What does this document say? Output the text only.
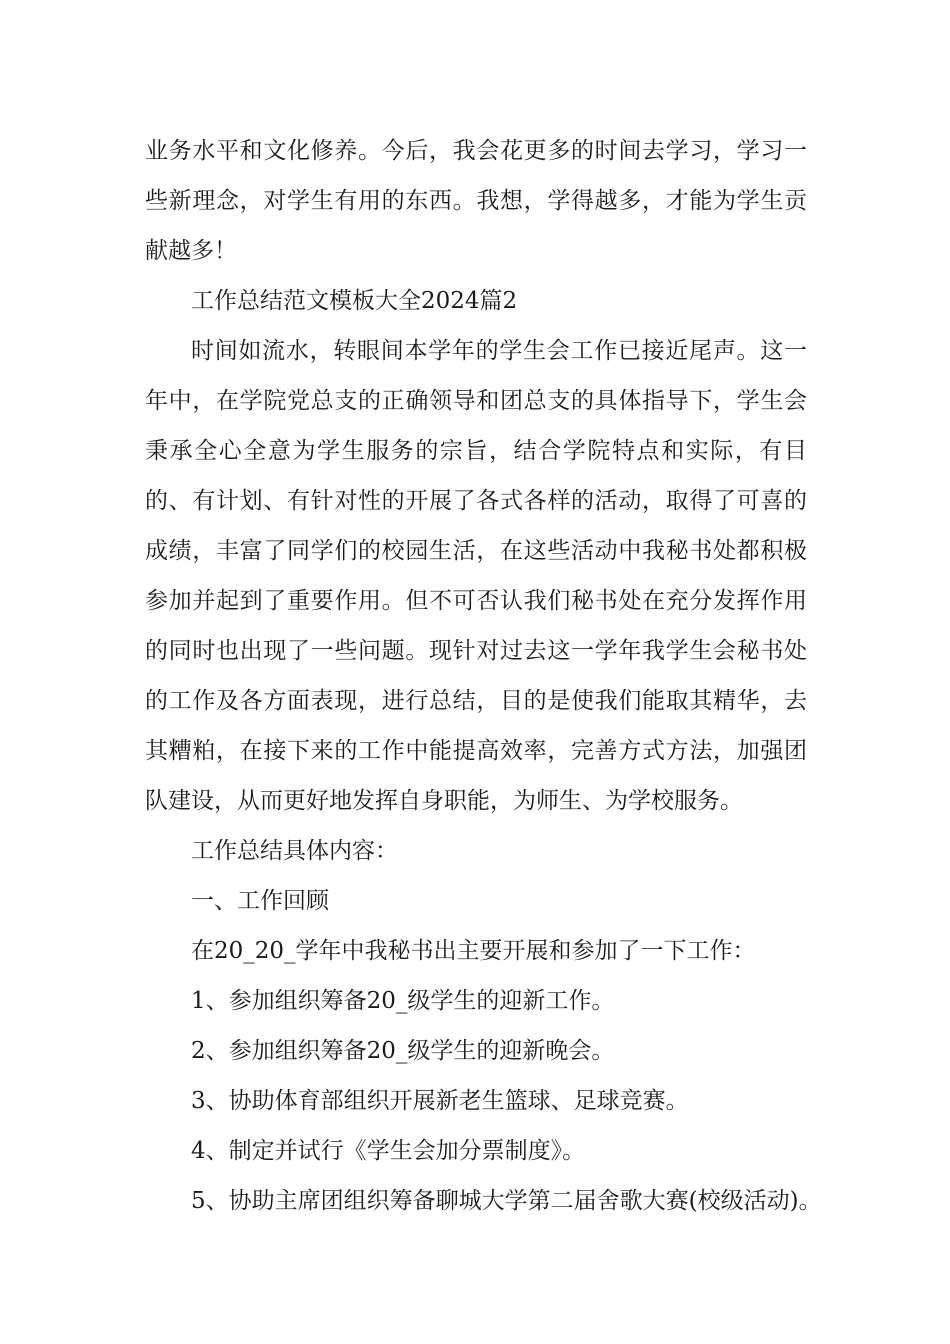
业务水平和文化修养。今后，我会花更多的时间去学习，学习一些新理念，对学生有用的东西。我想，学得越多，才能为学生贡献越多！

工作总结范文模板大全2024篇2

时间如流水，转眼间本学年的学生会工作已接近尾声。这一年中，在学院党总支的正确领导和团总支的具体指导下，学生会秉承全心全意为学生服务的宗旨，结合学院特点和实际，有目的、有计划、有针对性的开展了各式各样的活动，取得了可喜的成绩，丰富了同学们的校园生活，在这些活动中我秘书处都积极参加并起到了重要作用。但不可否认我们秘书处在充分发挥作用的同时也出现了一些问题。现针对过去这一学年我学生会秘书处的工作及各方面表现，进行总结，目的是使我们能取其精华，去其糟粕，在接下来的工作中能提高效率，完善方式方法，加强团队建设，从而更好地发挥自身职能，为师生、为学校服务。

工作总结具体内容：

一、工作回顾

在20_20_学年中我秘书出主要开展和参加了一下工作：

1、参加组织筹备20_级学生的迎新工作。

2、参加组织筹备20_级学生的迎新晚会。

3、协助体育部组织开展新老生篮球、足球竞赛。

4、制定并试行《学生会加分票制度》。

5、协助主席团组织筹备聊城大学第二届舍歌大赛(校级活动)。
